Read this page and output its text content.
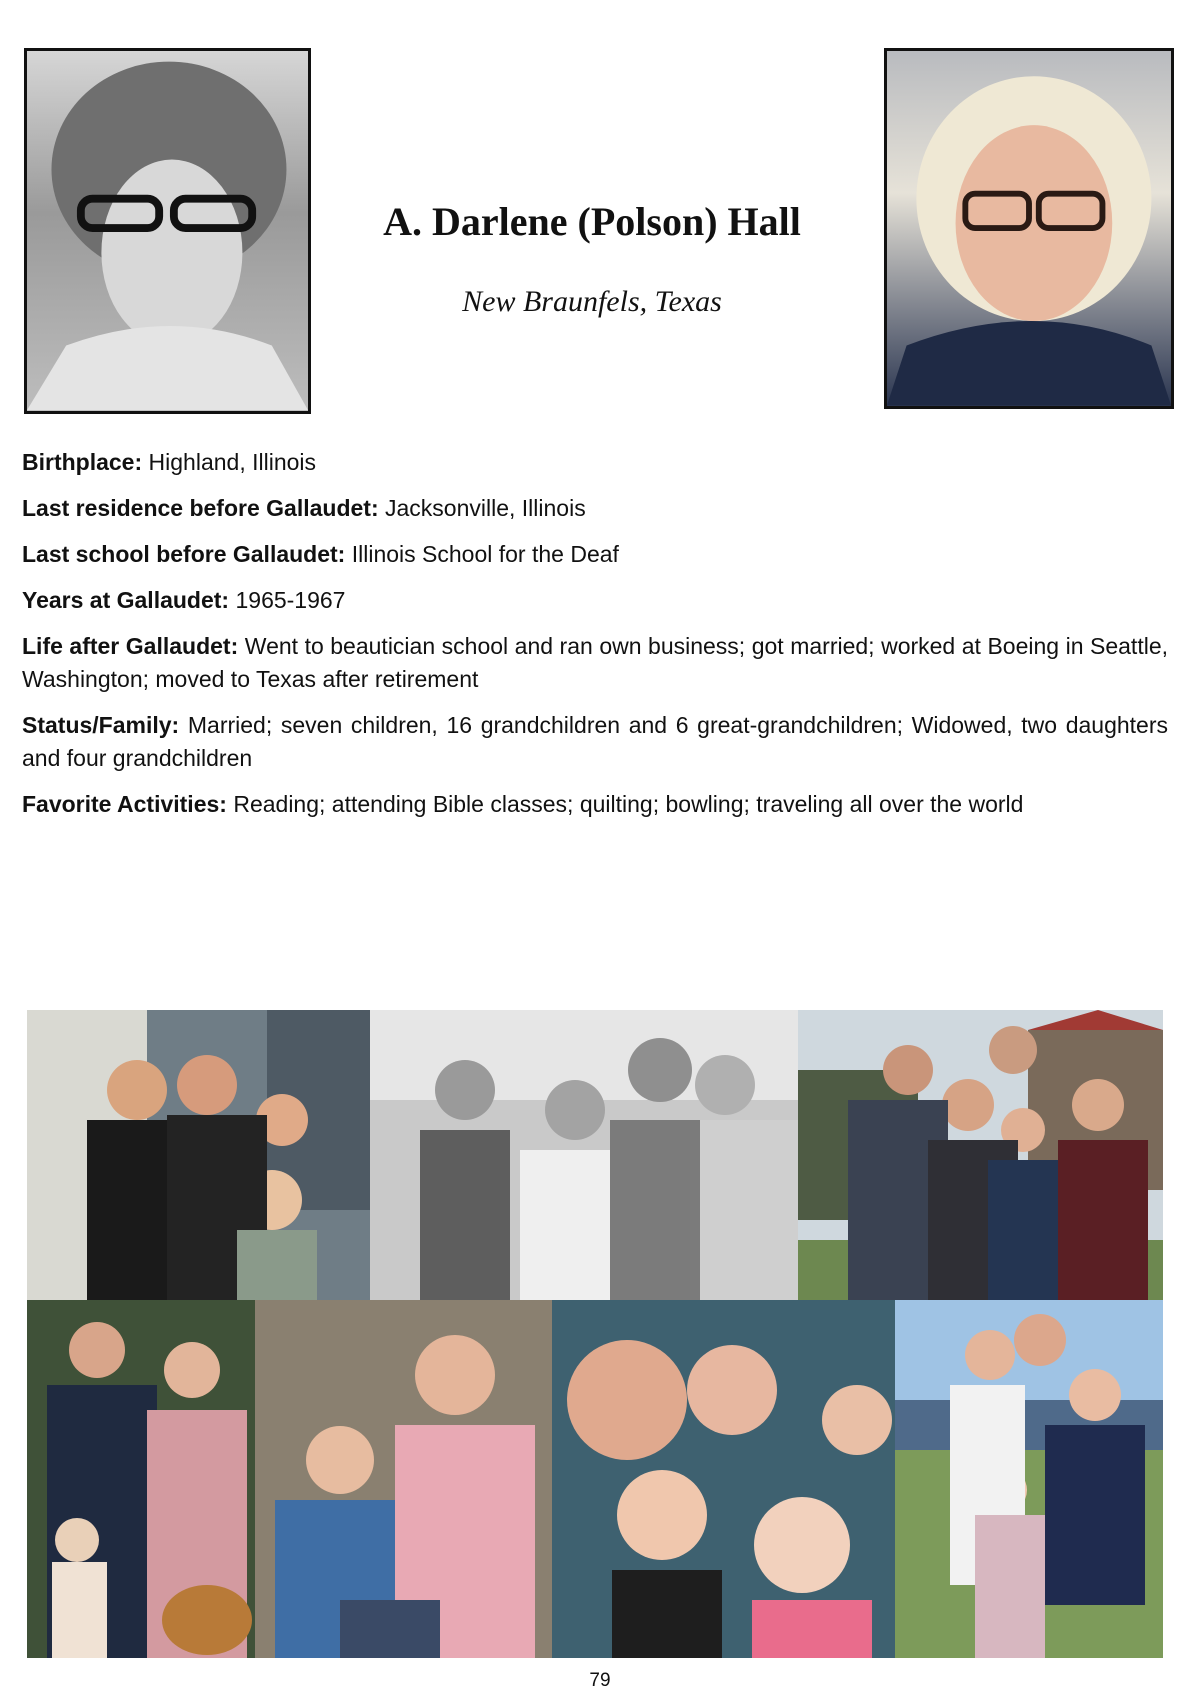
A. Darlene (Polson) Hall
New Braunfels, Texas
Birthplace: Highland, Illinois
Last residence before Gallaudet: Jacksonville, Illinois
Last school before Gallaudet: Illinois School for the Deaf
Years at Gallaudet: 1965-1967
Life after Gallaudet: Went to beautician school and ran own business; got married; worked at Boeing in Seattle, Washington; moved to Texas after retirement
Status/Family: Married; seven children, 16 grandchildren and 6 great-grandchildren; Widowed, two daughters and four grandchildren
Favorite Activities: Reading; attending Bible classes; quilting; bowling; traveling all over the world
79
